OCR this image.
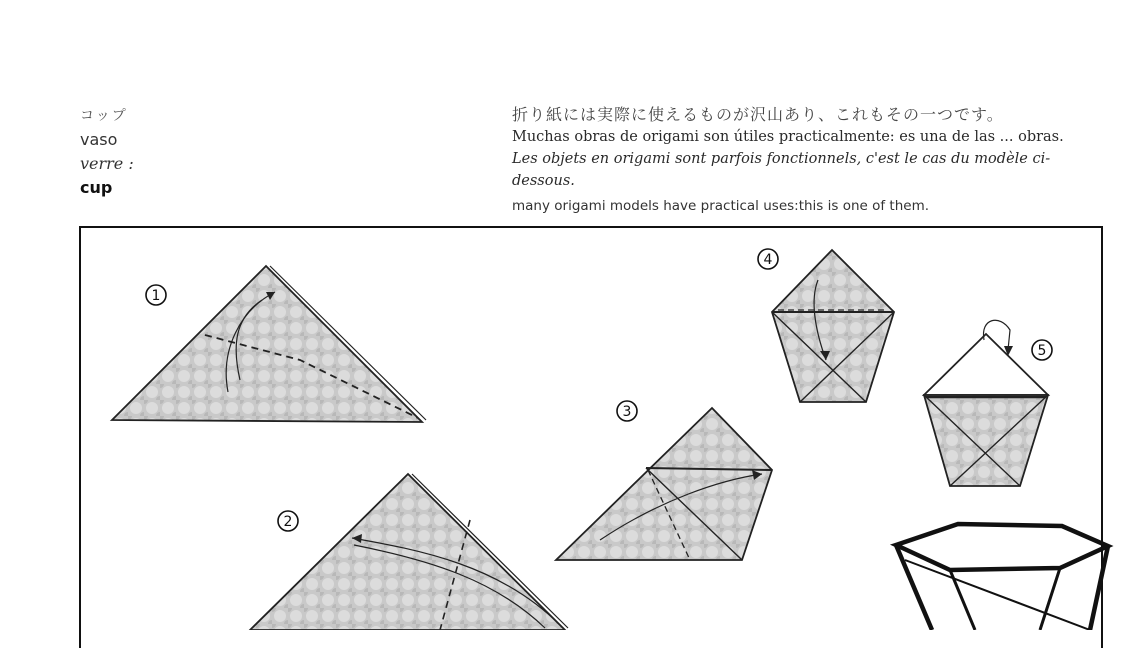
コップ
vaso
verre :
cup
折り紙には実際に使えるものが沢山あり、これもその一つです。
Muchas obras de origami son útiles practicalmente: es una de las ... obras.
Les objets en origami sont parfois fonctionnels, c'est le cas du modèle ci-dessous.
many origami models have practical uses:this is one of them.
1
2
3
4
5
